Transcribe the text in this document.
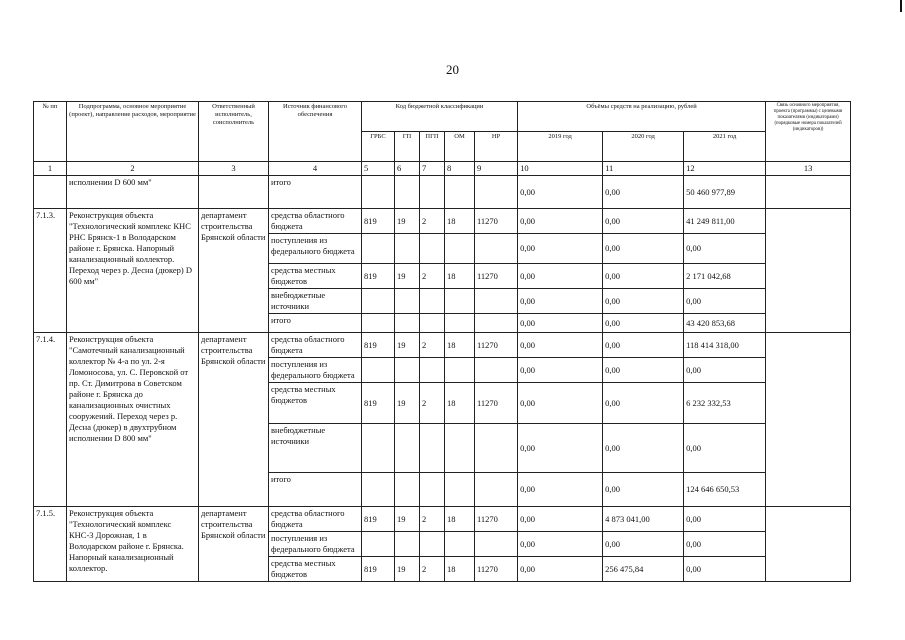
20
№ пп	Подпрограмма, основное мероприятие (проект), направление расходов, мероприятие	Ответственный исполнитель, соисполнитель	Источник финансового обеспечения	Код бюджетной классификации					Объёмы средств на реализацию, рублей			Связь основного мероприятия, проекта (программы) с целевыми показателями (индикаторами) (порядковые номера показателей (индикаторов))
				ГРБС	ГП	ПГП	ОМ	НР	2019 год	2020 год	2021 год	
1	2	3	4	5	6	7	8	9	10	11	12	13
	исполнении D 600 мм"		итого						0,00	0,00	50 460 977,89	
7.1.3.	Реконструкция объекта "Технологический комплекс КНС РНС Брянск-1 в Володарском районе г. Брянска. Напорный канализационный коллектор. Переход через р. Десна (дюкер) D 600 мм"	департамент строительства Брянской области	средства областного бюджета	819	19	2	18	11270	0,00	0,00	41 249 811,00	
			поступления из федерального бюджета						0,00	0,00	0,00	
			средства местных бюджетов	819	19	2	18	11270	0,00	0,00	2 171 042,68	
			внебюджетные источники						0,00	0,00	0,00	
			итого						0,00	0,00	43 420 853,68	
7.1.4.	Реконструкция объекта "Самотечный канализационный коллектор № 4-а по ул. 2-я Ломоносова, ул. С. Перовской от пр. Ст. Димитрова в Советском районе г. Брянска до канализационных очистных сооружений. Переход через р. Десна (дюкер) в двухтрубном исполнении D 800 мм"	департамент строительства Брянской области	средства областного бюджета	819	19	2	18	11270	0,00	0,00	118 414 318,00	
			поступления из федерального бюджета						0,00	0,00	0,00	
			средства местных бюджетов	819	19	2	18	11270	0,00	0,00	6 232 332,53	
			внебюджетные источники						0,00	0,00	0,00	
			итого						0,00	0,00	124 646 650,53	
7.1.5.	Реконструкция объекта "Технологический комплекс КНС-3 Дорожная, 1 в Володарском районе г. Брянска. Напорный канализационный коллектор.	департамент строительства Брянской области	средства областного бюджета	819	19	2	18	11270	0,00	4 873 041,00	0,00	
			поступления из федерального бюджета						0,00	0,00	0,00	
			средства местных бюджетов	819	19	2	18	11270	0,00	256 475,84	0,00	
